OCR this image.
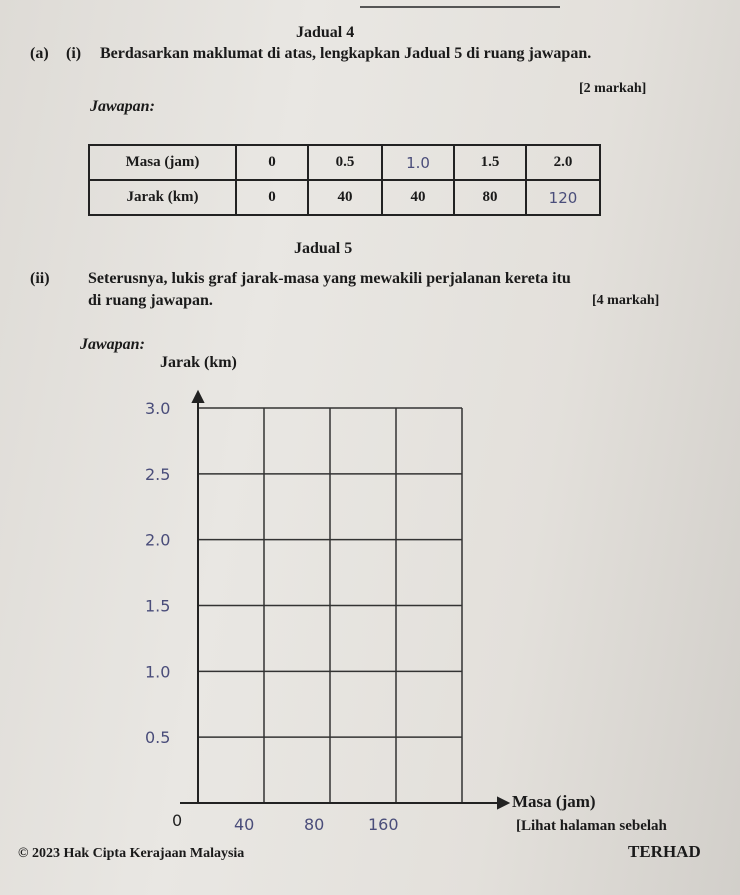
Jadual 4
(a) (i) Berdasarkan maklumat di atas, lengkapkan Jadual 5 di ruang jawapan.
[2 markah]
Jawapan:
Masa (jam)	0	0.5	1.0	1.5	2.0
Jarak (km)	0	40	40	80	120
Jadual 5
(ii) Seterusnya, lukis graf jarak-masa yang mewakili perjalanan kereta itu
di ruang jawapan.	[4 markah]
Jawapan:
Jarak (km)
0.5
1.0
1.5
2.0
2.5
3.0
40	80	160
0
Masa (jam)
[Lihat halaman sebelah
© 2023 Hak Cipta Kerajaan Malaysia	TERHAD
